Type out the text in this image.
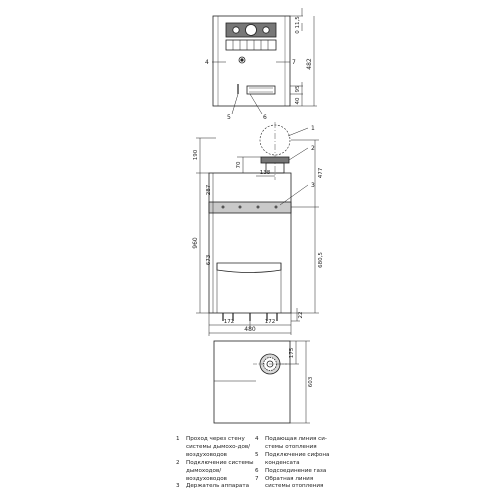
0 11,5
482
95
40
4	7
5	6
190
70
138
287
960
673
477
680,5
22
172	172
480
1
2
3
175
603
1	Проход через стену системы дымохо-дов/воздуховодов
2	Подключение системы дымоходов/воздуховодов
3	Держатель аппарата
4	Подающая линия си-стемы отопления
5	Подключение сифона конденсата
6	Подсоединение газа
7	Обратная линия системы отопления
